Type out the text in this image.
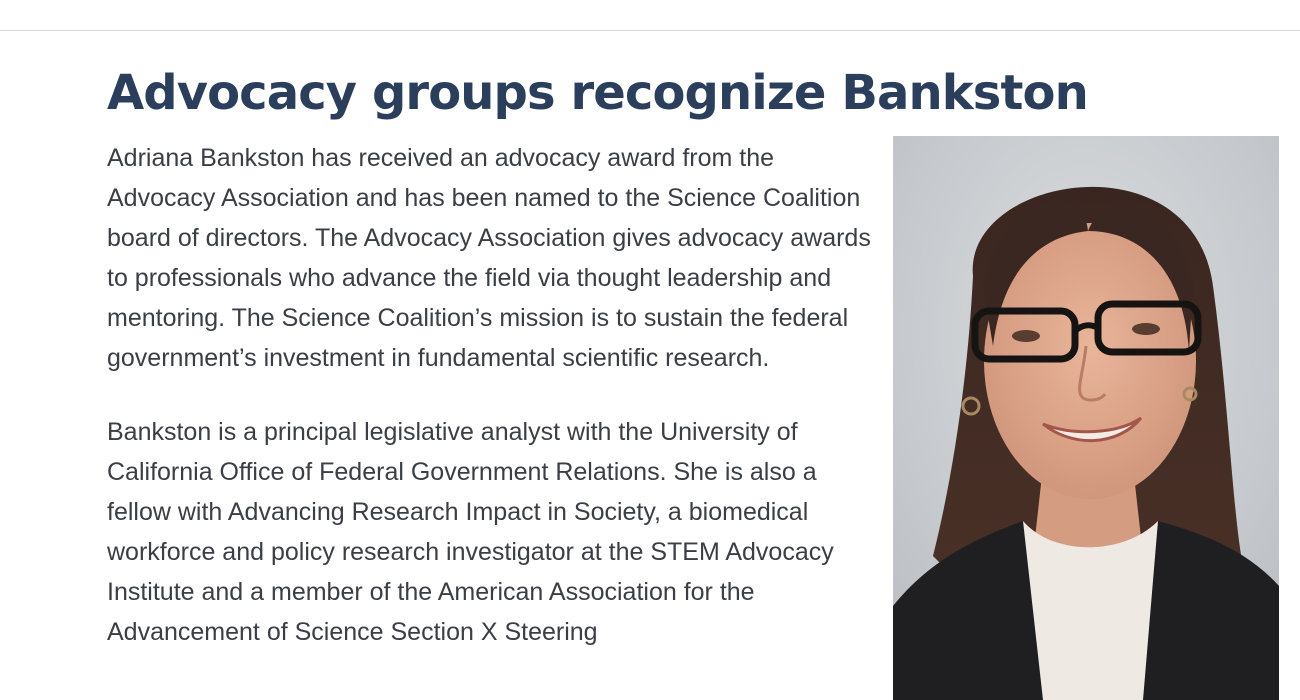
Advocacy groups recognize Bankston

Adriana Bankston has received an advocacy award from the Advocacy Association and has been named to the Science Coalition board of directors. The Advocacy Association gives advocacy awards to professionals who advance the field via thought leadership and mentoring. The Science Coalition’s mission is to sustain the federal government’s investment in fundamental scientific research.

Bankston is a principal legislative analyst with the University of California Office of Federal Government Relations. She is also a fellow with Advancing Research Impact in Society, a biomedical workforce and policy research investigator at the STEM Advocacy Institute and a member of the American Association for the Advancement of Science Section X Steering
